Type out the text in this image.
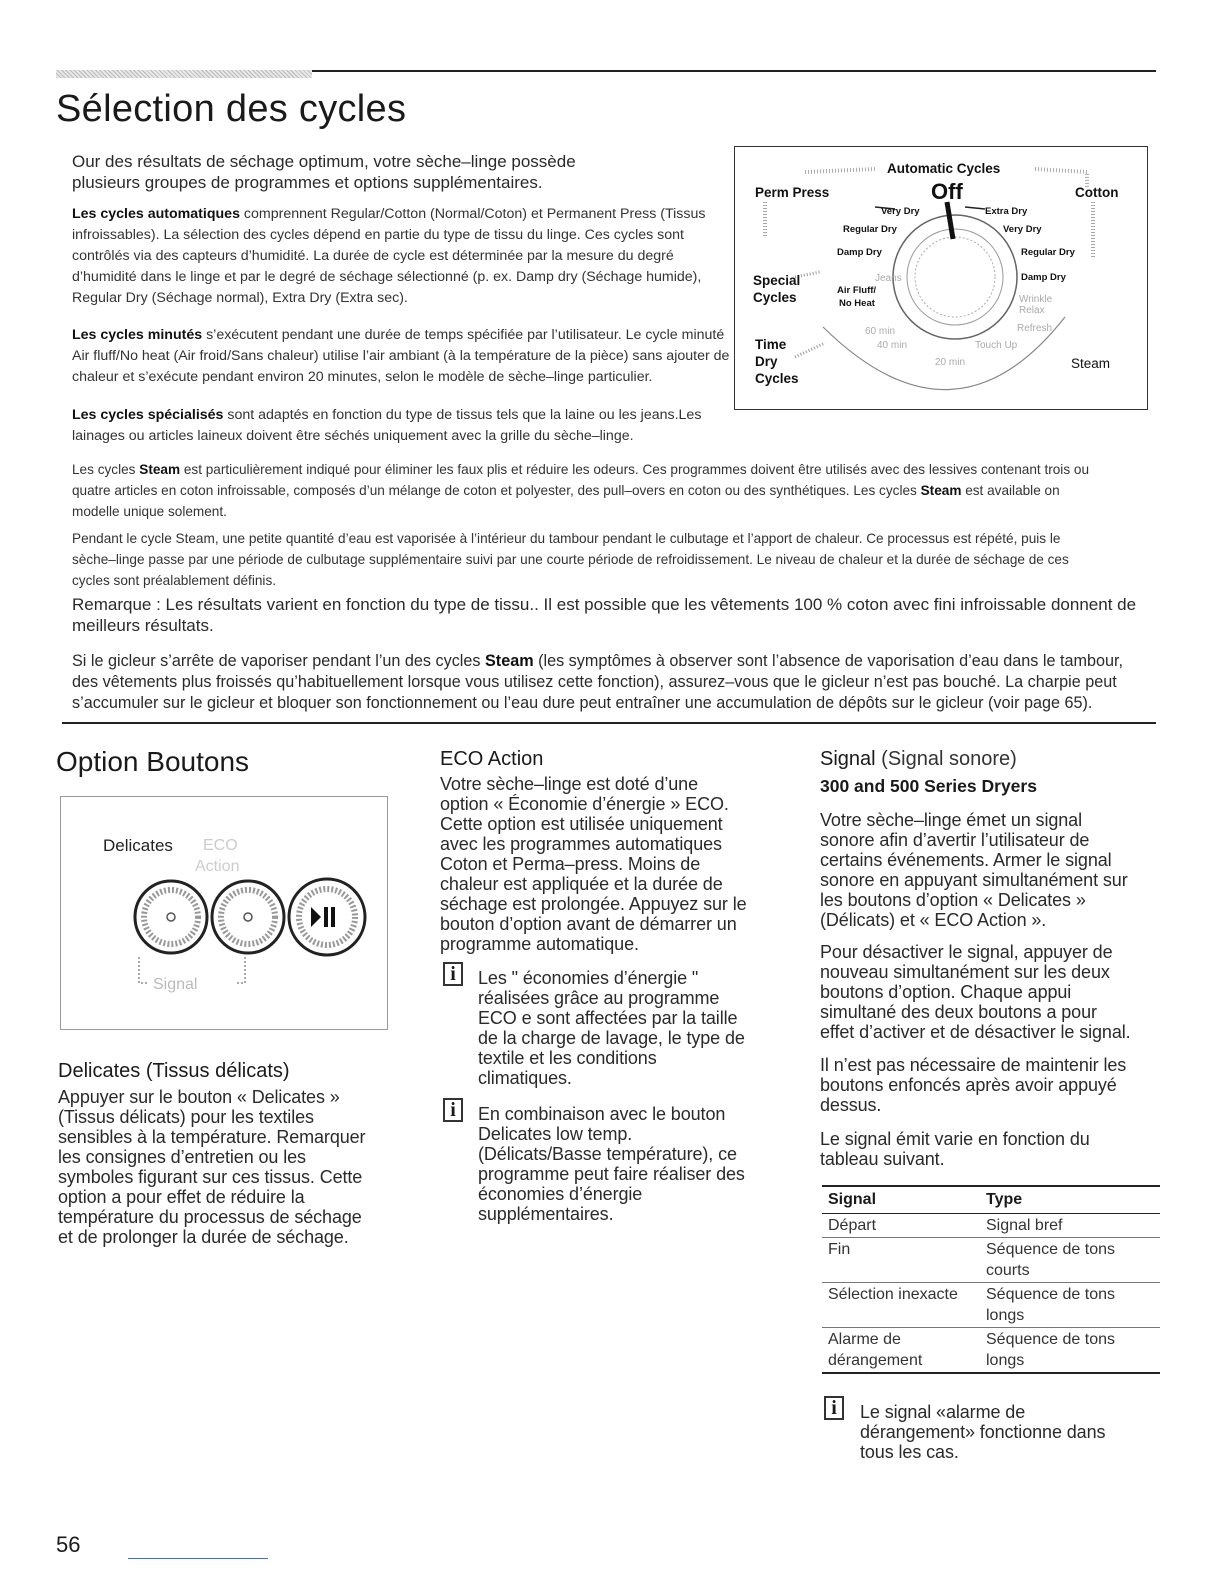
Sélection des cycles
Our des résultats de séchage optimum, votre sèche–linge possède
plusieurs groupes de programmes et options supplémentaires.
Les cycles automatiques comprennent Regular/Cotton (Normal/Coton) et Permanent Press (Tissus
infroissables). La sélection des cycles dépend en partie du type de tissu du linge. Ces cycles sont
contrôlés via des capteurs d’humidité. La durée de cycle est déterminée par la mesure du degré
d’humidité dans le linge et par le degré de séchage sélectionné (p. ex. Damp dry (Séchage humide),
Regular Dry (Séchage normal), Extra Dry (Extra sec).
Les cycles minutés s’exécutent pendant une durée de temps spécifiée par l’utilisateur. Le cycle minuté
Air fluff/No heat (Air froid/Sans chaleur) utilise l’air ambiant (à la température de la pièce) sans ajouter de
chaleur et s’exécute pendant environ 20 minutes, selon le modèle de sèche–linge particulier.
Les cycles spécialisés sont adaptés en fonction du type de tissus tels que la laine ou les jeans.Les
lainages ou articles laineux doivent être séchés uniquement avec la grille du sèche–linge.
Automatic Cycles
Perm Press	Off	Cotton
Very Dry	Extra Dry
Regular Dry	Very Dry
Damp Dry	Regular Dry
Special
Cycles
Jeans	Damp Dry
Air Fluff/
No Heat	Wrinkle
Relax
60 min	Refresh
40 min	Touch Up
20 min
Time
Dry
Cycles
Steam
Les cycles Steam est particulièrement indiqué pour éliminer les faux plis et réduire les odeurs. Ces programmes doivent être utilisés avec des lessives contenant trois ou
quatre articles en coton infroissable, composés d’un mélange de coton et polyester, des pull–overs en coton ou des synthétiques. Les cycles Steam est available on
modelle unique solement.
Pendant le cycle Steam, une petite quantité d’eau est vaporisée à l’intérieur du tambour pendant le culbutage et l’apport de chaleur. Ce processus est répété, puis le
sèche–linge passe par une période de culbutage supplémentaire suivi par une courte période de refroidissement. Le niveau de chaleur et la durée de séchage de ces
cycles sont préalablement définis.
Remarque : Les résultats varient en fonction du type de tissu.. Il est possible que les vêtements 100 % coton avec fini infroissable donnent de
meilleurs résultats.
Si le gicleur s’arrête de vaporiser pendant l’un des cycles Steam (les symptômes à observer sont l’absence de vaporisation d’eau dans le tambour,
des vêtements plus froissés qu’habituellement lorsque vous utilisez cette fonction), assurez–vous que le gicleur n’est pas bouché. La charpie peut
s’accumuler sur le gicleur et bloquer son fonctionnement ou l’eau dure peut entraîner une accumulation de dépôts sur le gicleur (voir page 65).
Option Boutons
Delicates ECO
Action
Signal
Delicates (Tissus délicats)
Appuyer sur le bouton « Delicates »
(Tissus délicats) pour les textiles
sensibles à la température. Remarquer
les consignes d’entretien ou les
symboles figurant sur ces tissus. Cette
option a pour effet de réduire la
température du processus de séchage
et de prolonger la durée de séchage.
ECO Action
Votre sèche–linge est doté d’une
option « Économie d’énergie » ECO.
Cette option est utilisée uniquement
avec les programmes automatiques
Coton et Perma–press. Moins de
chaleur est appliquée et la durée de
séchage est prolongée. Appuyez sur le
bouton d’option avant de démarrer un
programme automatique.
i	Les " économies d’énergie "
réalisées grâce au programme
ECO e sont affectées par la taille
de la charge de lavage, le type de
textile et les conditions
climatiques.
i	En combinaison avec le bouton
Delicates low temp.
(Délicats/Basse température), ce
programme peut faire réaliser des
économies d’énergie
supplémentaires.
Signal (Signal sonore)
300 and 500 Series Dryers
Votre sèche–linge émet un signal
sonore afin d’avertir l’utilisateur de
certains événements. Armer le signal
sonore en appuyant simultanément sur
les boutons d’option « Delicates »
(Délicats) et « ECO Action ».
Pour désactiver le signal, appuyer de
nouveau simultanément sur les deux
boutons d’option. Chaque appui
simultané des deux boutons a pour
effet d’activer et de désactiver le signal.
Il n’est pas nécessaire de maintenir les
boutons enfoncés après avoir appuyé
dessus.
Le signal émit varie en fonction du
tableau suivant.
Signal	Type
Départ	Signal bref
Fin	Séquence de tons courts
Sélection inexacte	Séquence de tons longs
Alarme de dérangement	Séquence de tons longs
i	Le signal «alarme de
dérangement» fonctionne dans
tous les cas.
56
